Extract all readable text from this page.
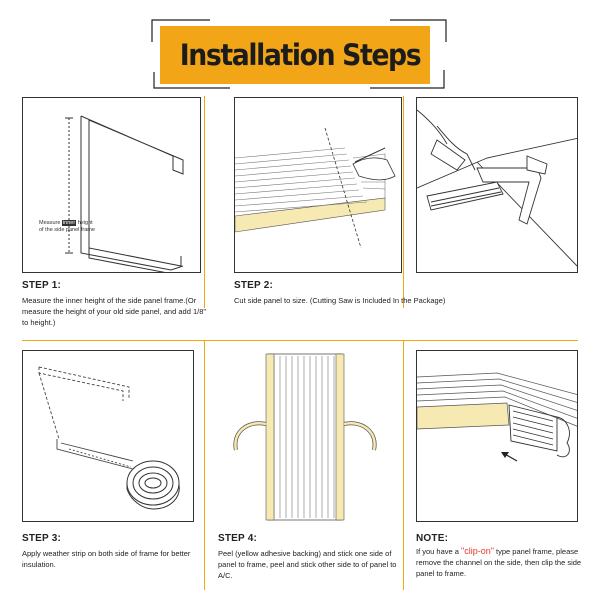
Installation Steps
Measure inner height
of the side panel frame
STEP 1:
Measure the inner height of the side panel frame.(Or measure the height of your old side panel, and add 1/8" to height.)
STEP 2:
Cut side panel to size. (Cutting Saw is Included In the Package)
STEP 3:
Apply weather strip on both side of frame for better insulation.
STEP 4:
Peel (yellow adhesive backing) and stick one side of panel to frame, peel and stick other side to of panel to A/C.
NOTE:
If you have a "clip-on" type panel frame, please remove the channel on the side, then clip the side panel to frame.
